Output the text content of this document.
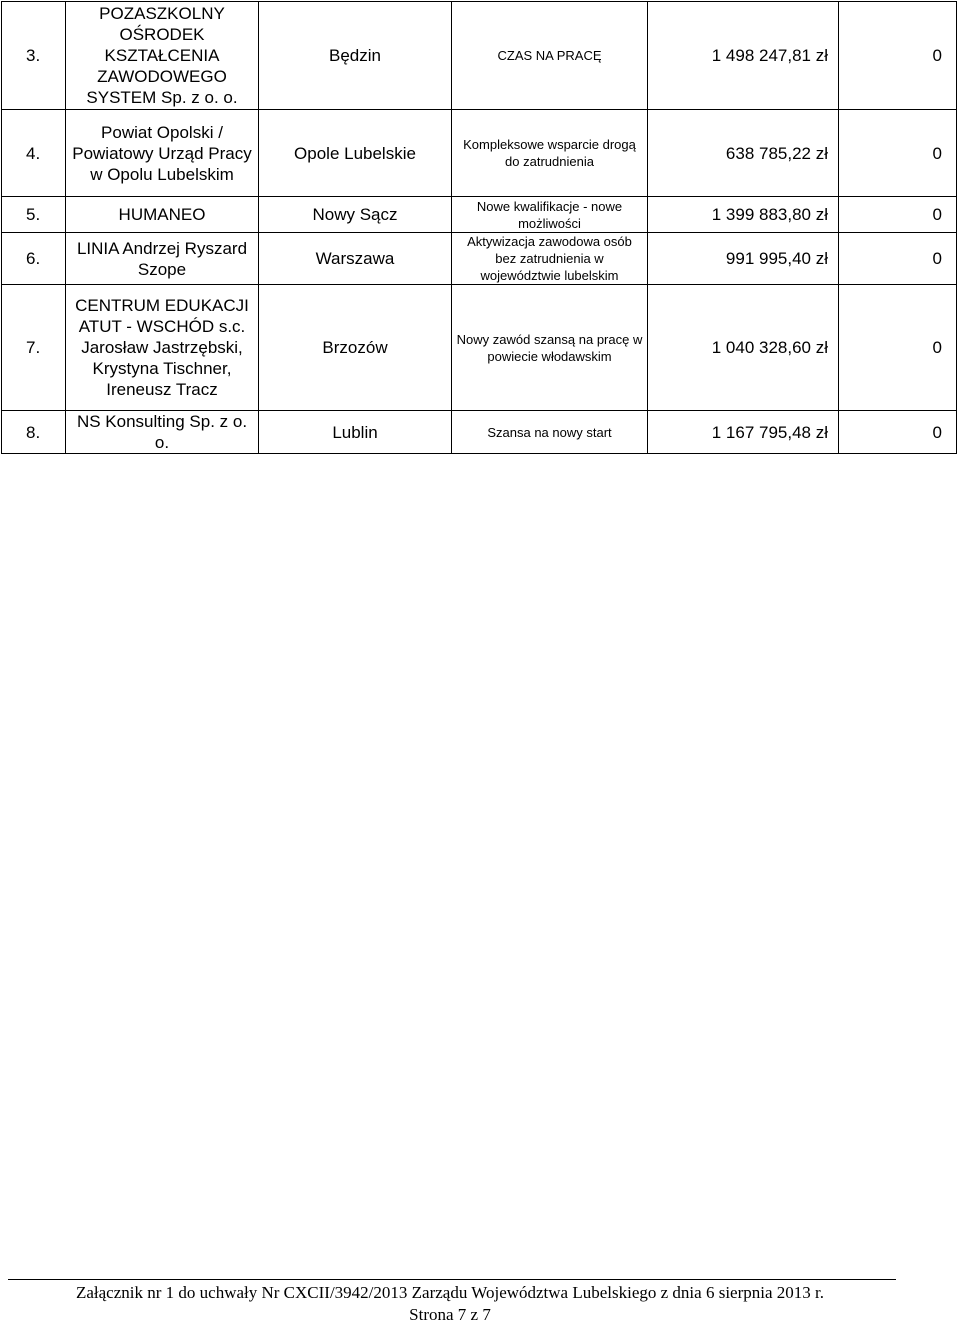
3.	POZASZKOLNY OŚRODEK KSZTAŁCENIA ZAWODOWEGO SYSTEM Sp. z o. o.	Będzin	CZAS NA PRACĘ	1 498 247,81 zł	0
4.	Powiat Opolski / Powiatowy Urząd Pracy w Opolu Lubelskim	Opole Lubelskie	Kompleksowe wsparcie drogą do zatrudnienia	638 785,22 zł	0
5.	HUMANEO	Nowy Sącz	Nowe kwalifikacje - nowe możliwości	1 399 883,80 zł	0
6.	LINIA Andrzej Ryszard Szope	Warszawa	Aktywizacja zawodowa osób bez zatrudnienia w województwie lubelskim	991 995,40 zł	0
7.	CENTRUM EDUKACJI ATUT - WSCHÓD s.c. Jarosław Jastrzębski, Krystyna Tischner, Ireneusz Tracz	Brzozów	Nowy zawód szansą na pracę w powiecie włodawskim	1 040 328,60 zł	0
8.	NS Konsulting Sp. z o. o.	Lublin	Szansa na nowy start	1 167 795,48 zł	0
Załącznik nr 1 do uchwały Nr CXCII/3942/2013 Zarządu Województwa Lubelskiego z dnia 6 sierpnia 2013 r.
Strona 7 z 7
